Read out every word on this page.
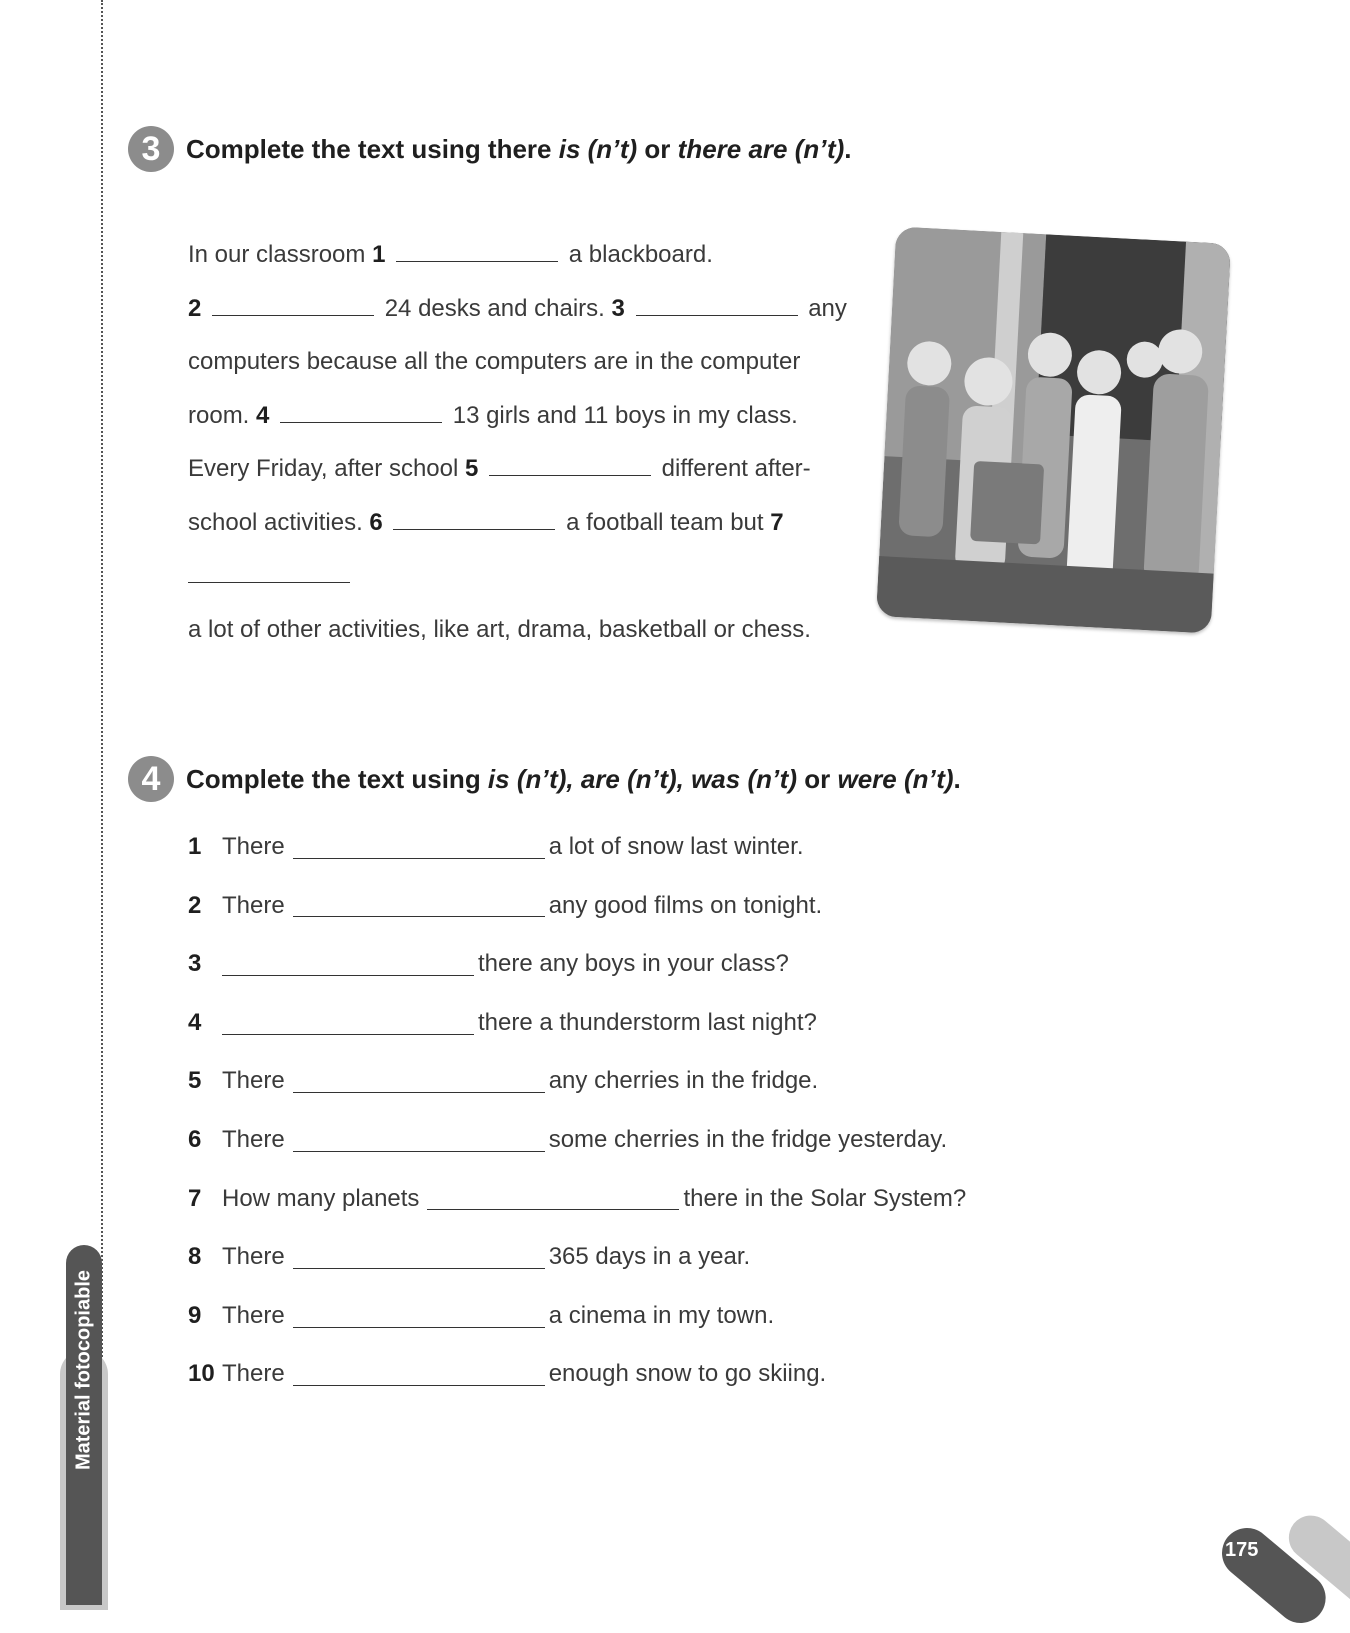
Material fotocopiable
3 Complete the text using there is (n’t) or there are (n’t).
In our classroom 1	a blackboard.
2	24 desks and chairs. 3	any
computers because all the computers are in the computer
room. 4	13 girls and 11 boys in my class.
Every Friday, after school 5	different after-
school activities. 6	a football team but 7
a lot of other activities, like art, drama, basketball or chess.
4 Complete the text using is (n’t), are (n’t), was (n’t) or were (n’t).
1 There	a lot of snow last winter.
2 There	any good films on tonight.
3	there any boys in your class?
4	there a thunderstorm last night?
5 There	any cherries in the fridge.
6 There	some cherries in the fridge yesterday.
7 How many planets	there in the Solar System?
8 There	365 days in a year.
9 There	a cinema in my town.
10 There	enough snow to go skiing.
175
